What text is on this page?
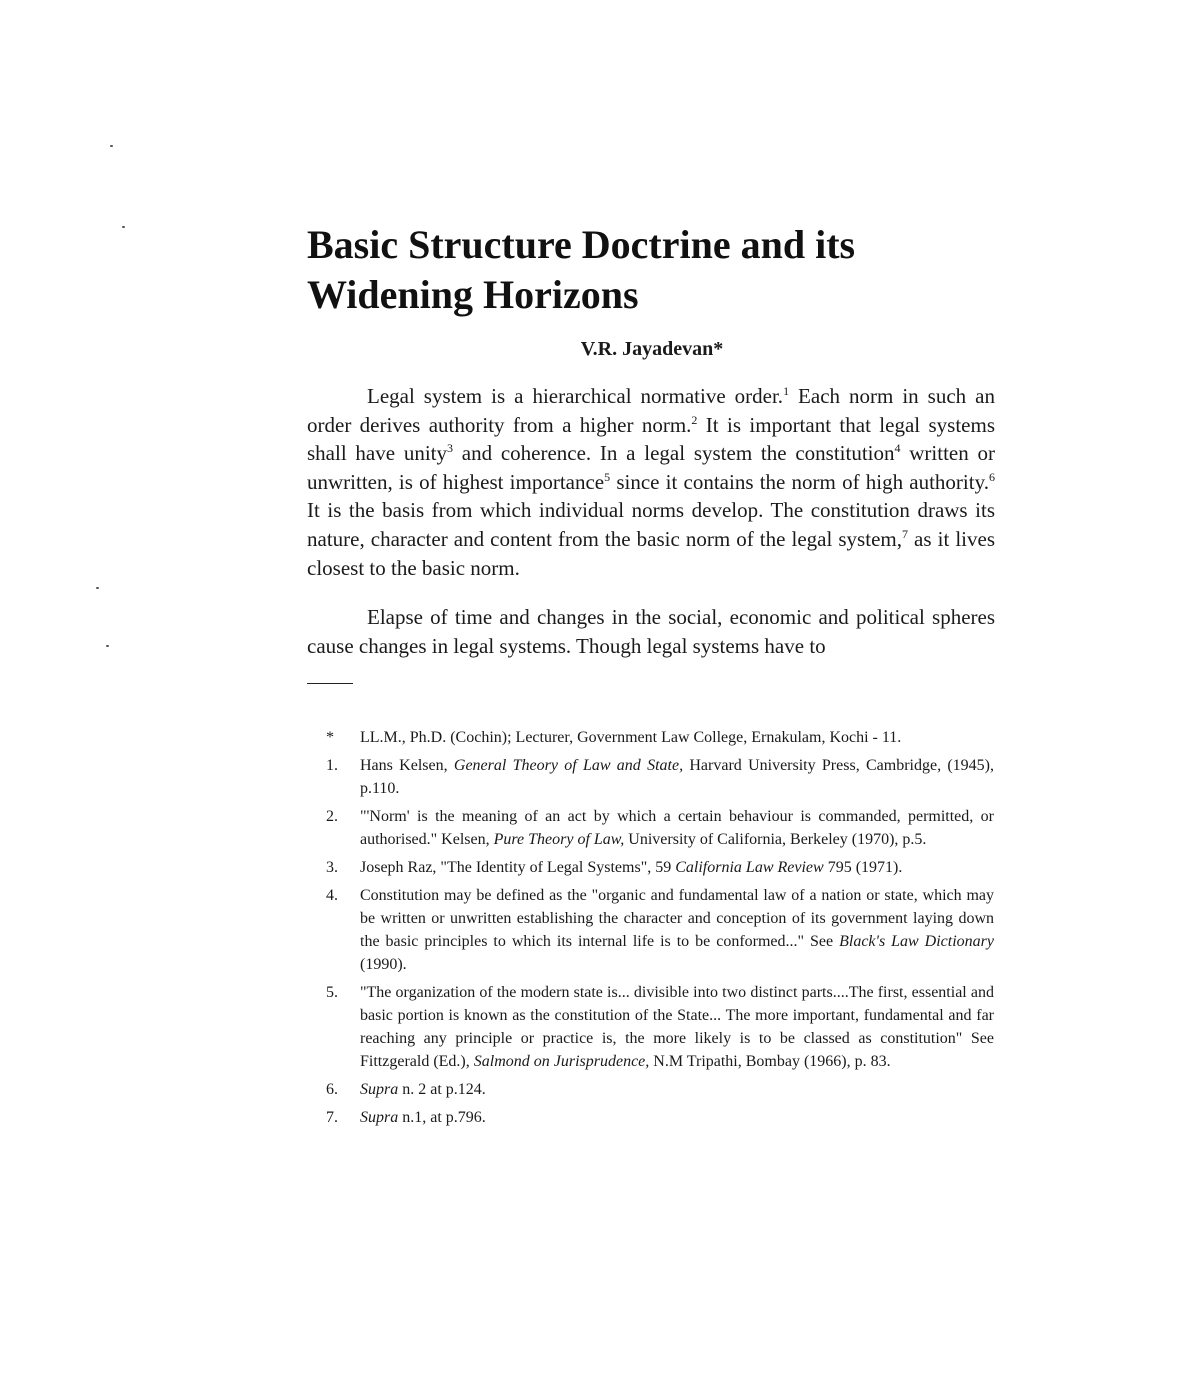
Basic Structure Doctrine and its Widening Horizons

V.R. Jayadevan*

Legal system is a hierarchical normative order.$^1$ Each norm in such an order derives authority from a higher norm.$^2$ It is important that legal systems shall have unity$^3$ and coherence. In a legal system the constitution$^4$ written or unwritten, is of highest importance$^5$ since it contains the norm of high authority.$^6$ It is the basis from which individual norms develop. The constitution draws its nature, character and content from the basic norm of the legal system,$^7$ as it lives closest to the basic norm.

Elapse of time and changes in the social, economic and political spheres cause changes in legal systems. Though legal systems have to

*	LL.M., Ph.D. (Cochin); Lecturer, Government Law College, Ernakulam, Kochi - 11.
1.	Hans Kelsen, General Theory of Law and State, Harvard University Press, Cambridge, (1945), p.110.
2.	"'Norm' is the meaning of an act by which a certain behaviour is commanded, permitted, or authorised." Kelsen, Pure Theory of Law, University of California, Berkeley (1970), p.5.
3.	Joseph Raz, "The Identity of Legal Systems", 59 California Law Review 795 (1971).
4.	Constitution may be defined as the "organic and fundamental law of a nation or state, which may be written or unwritten establishing the character and conception of its government laying down the basic principles to which its internal life is to be conformed..." See Black's Law Dictionary (1990).
5.	"The organization of the modern state is... divisible into two distinct parts....The first, essential and basic portion is known as the constitution of the State... The more important, fundamental and far reaching any principle or practice is, the more likely is to be classed as constitution" See Fittzgerald (Ed.), Salmond on Jurisprudence, N.M Tripathi, Bombay (1966), p. 83.
6.	Supra n. 2 at p.124.
7.	Supra n.1, at p.796.
